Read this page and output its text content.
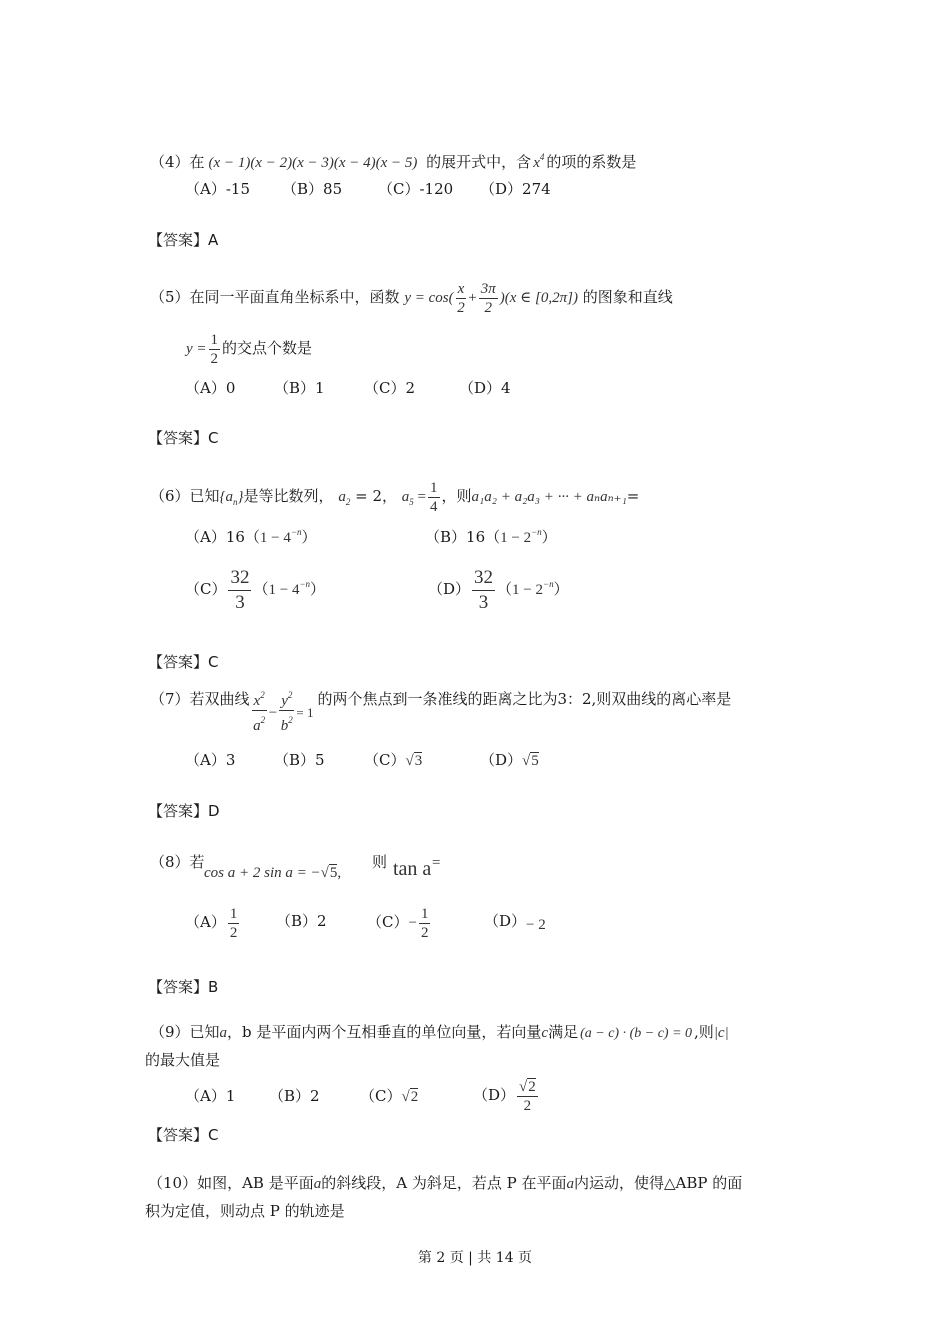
（4）在 (x − 1)(x − 2)(x − 3)(x − 4)(x − 5) 的展开式中，含 $x^4$ 的项的系数是
（A）-15 （B）85 （C）-120 （D）274
【答案】A
（5）在同一平面直角坐标系中，函数 $y = \cos( \frac{x}{2} + \frac{3\pi}{2} )(x$ ∈ [0,2π]) 的图象和直线
$y = \frac{1}{2}$ 的交点个数是
（A）0	（B）1	（C）2	（D）4
【答案】C
（6）已知$\{a_n\}$是等比数列， $a_2 = 2$， $a_5 = \frac{1}{4}$ ，则a₁a₂ + a₂a₃ + ··· + aₙaₙ₊₁=
$(A)16(1 - 4^{-n})$	$(B)16(1 - 2^{-n})$
$(C) \frac{32}{3} (1 - 4^{-n})$	$(D) \frac{32}{3} (1 - 2^{-n})$
【答案】C
（7）若双曲线 $\frac{x^2}{a^2} - \frac{y^2}{b^2} = 1$的两个焦点到一条准线的距离之比为3：2,则双曲线的离心率是
（A）3	（B）5	（C）√3	（D）√5
【答案】D
（8）若
cos a + 2 sin a = −√5,
则 tan a =
$(A) \frac{1}{2} (B)2$	$(C)- \frac{1}{2}$	（D）− 2
【答案】B
（9）已知a，b 是平面内两个互相垂直的单位向量，若向量c满足 (a − c) · (b − c) = 0 ,则|c|
的最大值是
（A）1 （B）2	（C）√2	$(D) \frac{√2}{2}$
【答案】C
（10）如图，AB 是平面a的斜线段，A 为斜足，若点 P 在平面a内运动，使得△ABP 的面
积为定值，则动点 P 的轨迹是
第 2 页 | 共 14 页
